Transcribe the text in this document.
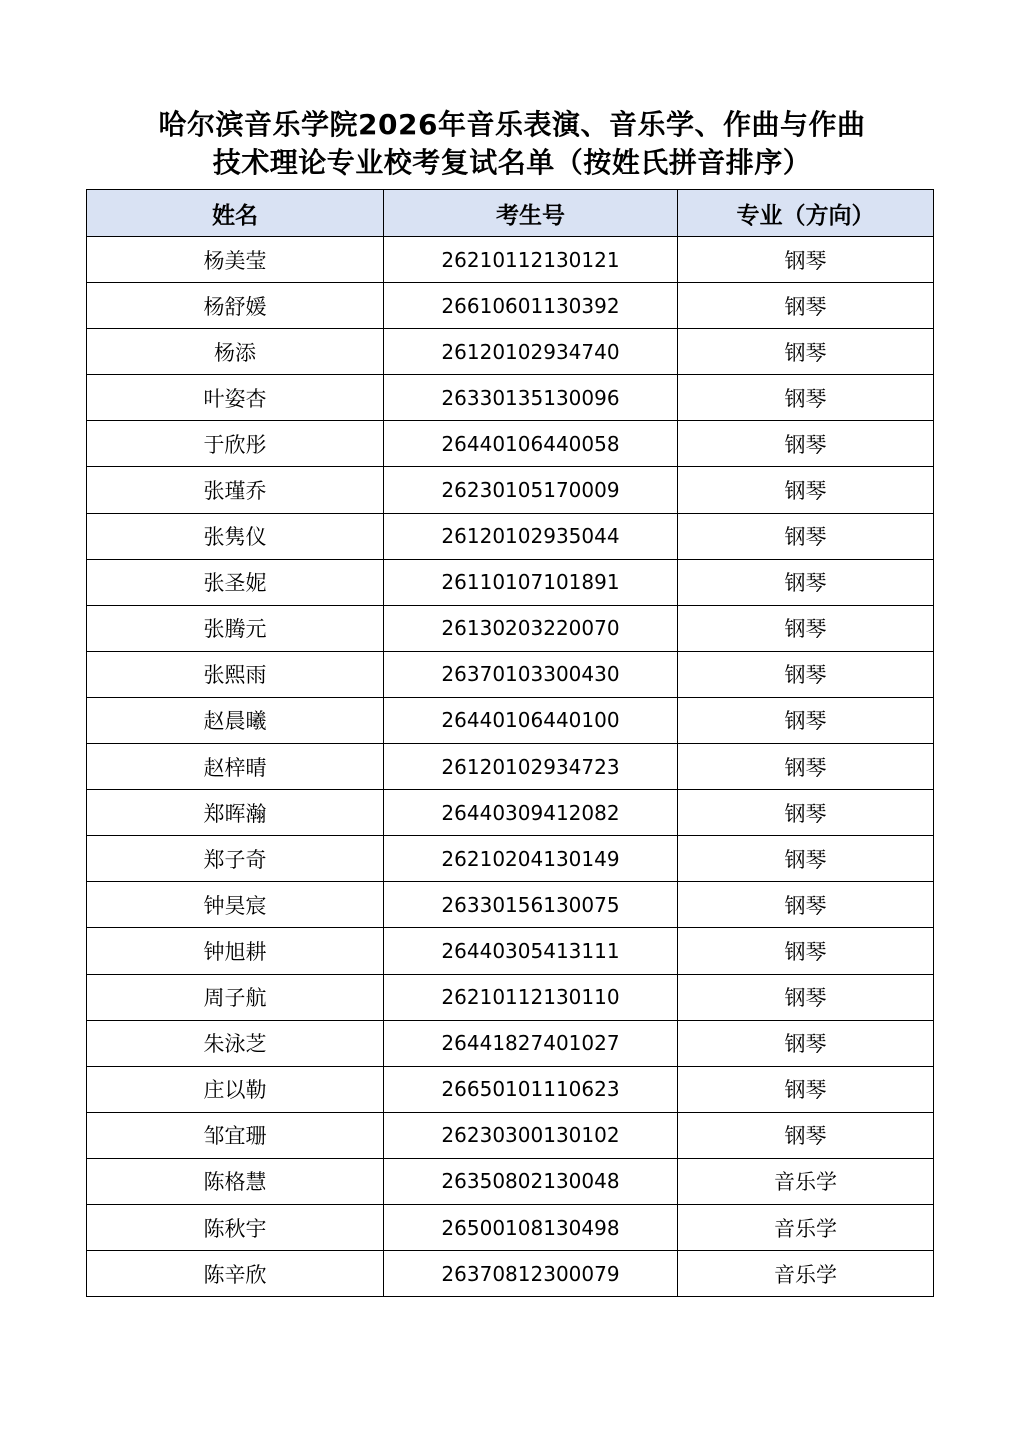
哈尔滨音乐学院2026年音乐表演、音乐学、作曲与作曲
技术理论专业校考复试名单（按姓氏拼音排序）
姓名	考生号	专业（方向）
杨美莹	26210112130121	钢琴
杨舒媛	26610601130392	钢琴
杨添	26120102934740	钢琴
叶姿杏	26330135130096	钢琴
于欣彤	26440106440058	钢琴
张瑾乔	26230105170009	钢琴
张隽仪	26120102935044	钢琴
张圣妮	26110107101891	钢琴
张腾元	26130203220070	钢琴
张熙雨	26370103300430	钢琴
赵晨曦	26440106440100	钢琴
赵梓晴	26120102934723	钢琴
郑晖瀚	26440309412082	钢琴
郑子奇	26210204130149	钢琴
钟昊宸	26330156130075	钢琴
钟旭耕	26440305413111	钢琴
周子航	26210112130110	钢琴
朱泳芝	26441827401027	钢琴
庄以勒	26650101110623	钢琴
邹宜珊	26230300130102	钢琴
陈格慧	26350802130048	音乐学
陈秋宇	26500108130498	音乐学
陈辛欣	26370812300079	音乐学
